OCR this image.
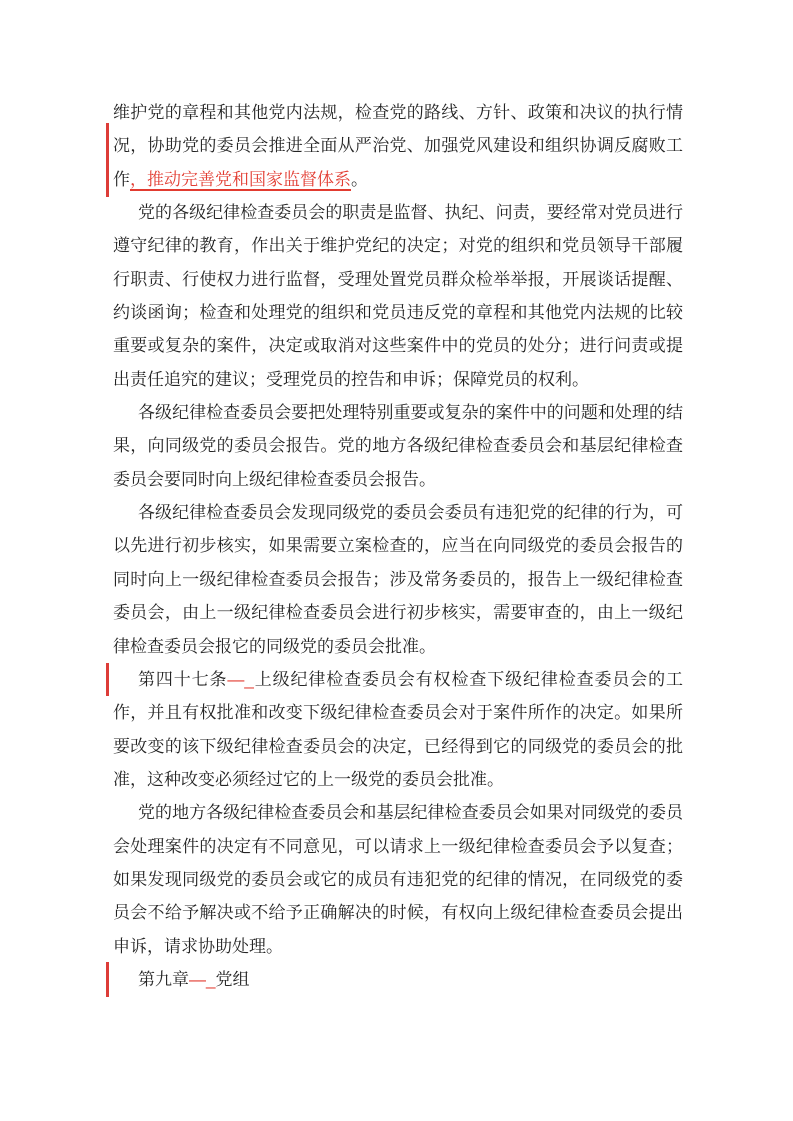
维护党的章程和其他党内法规，检查党的路线、方针、政策和决议的执行情况，协助党的委员会推进全面从严治党、加强党风建设和组织协调反腐败工作，推动完善党和国家监督体系。

党的各级纪律检查委员会的职责是监督、执纪、问责，要经常对党员进行遵守纪律的教育，作出关于维护党纪的决定；对党的组织和党员领导干部履行职责、行使权力进行监督，受理处置党员群众检举举报，开展谈话提醒、约谈函询；检查和处理党的组织和党员违反党的章程和其他党内法规的比较重要或复杂的案件，决定或取消对这些案件中的党员的处分；进行问责或提出责任追究的建议；受理党员的控告和申诉；保障党员的权利。

各级纪律检查委员会要把处理特别重要或复杂的案件中的问题和处理的结果，向同级党的委员会报告。党的地方各级纪律检查委员会和基层纪律检查委员会要同时向上级纪律检查委员会报告。

各级纪律检查委员会发现同级党的委员会委员有违犯党的纪律的行为，可以先进行初步核实，如果需要立案检查的，应当在向同级党的委员会报告的同时向上一级纪律检查委员会报告；涉及常务委员的，报告上一级纪律检查委员会，由上一级纪律检查委员会进行初步核实，需要审查的，由上一级纪律检查委员会报它的同级党的委员会批准。

第四十七条—_上级纪律检查委员会有权检查下级纪律检查委员会的工作，并且有权批准和改变下级纪律检查委员会对于案件所作的决定。如果所要改变的该下级纪律检查委员会的决定，已经得到它的同级党的委员会的批准，这种改变必须经过它的上一级党的委员会批准。

党的地方各级纪律检查委员会和基层纪律检查委员会如果对同级党的委员会处理案件的决定有不同意见，可以请求上一级纪律检查委员会予以复查；如果发现同级党的委员会或它的成员有违犯党的纪律的情况，在同级党的委员会不给予解决或不给予正确解决的时候，有权向上级纪律检查委员会提出申诉，请求协助处理。

第九章—_党组
